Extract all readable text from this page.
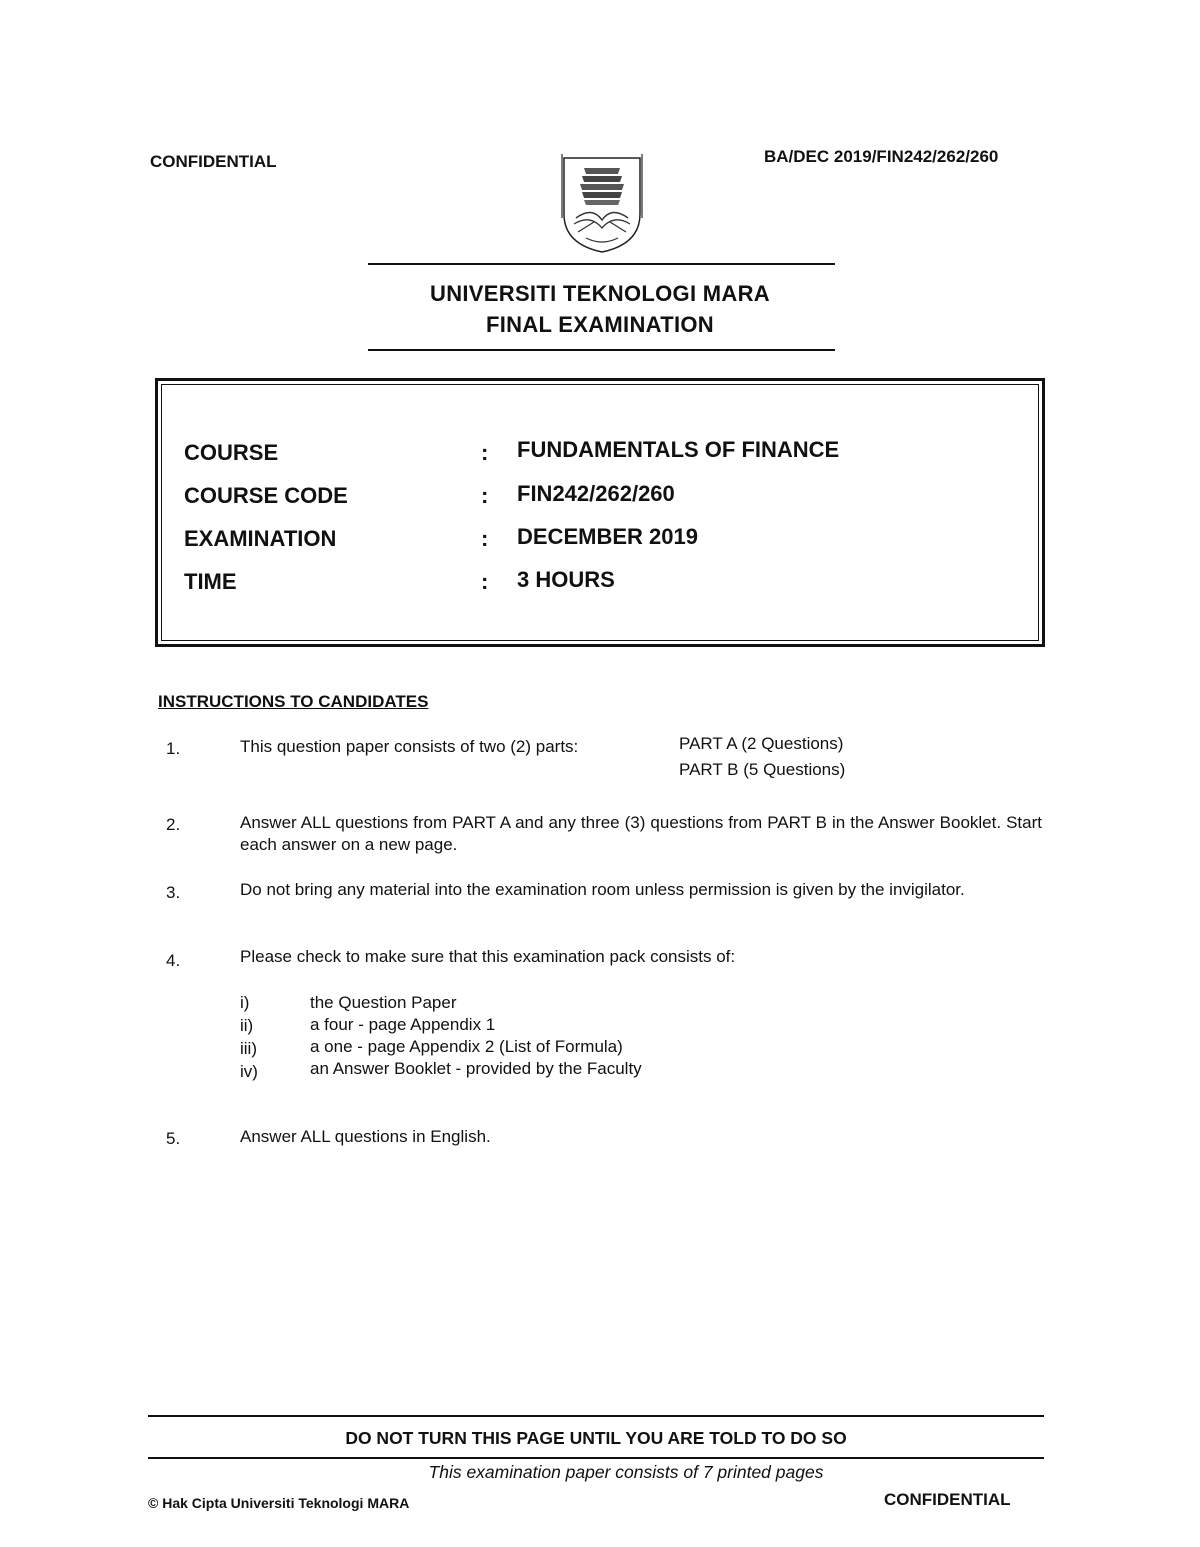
CONFIDENTIAL	BA/DEC 2019/FIN242/262/260
UNIVERSITI TEKNOLOGI MARA
FINAL EXAMINATION
COURSE	: FUNDAMENTALS OF FINANCE
COURSE CODE	: FIN242/262/260
EXAMINATION	: DECEMBER 2019
TIME	: 3 HOURS
INSTRUCTIONS TO CANDIDATES
1.	This question paper consists of two (2) parts:	PART A (2 Questions)
PART B (5 Questions)
2.	Answer ALL questions from PART A and any three (3) questions from PART B in the Answer Booklet. Start each answer on a new page.
3.	Do not bring any material into the examination room unless permission is given by the invigilator.
4.	Please check to make sure that this examination pack consists of:
i)	the Question Paper
ii)	a four - page Appendix 1
iii)	a one - page Appendix 2 (List of Formula)
iv)	an Answer Booklet - provided by the Faculty
5.	Answer ALL questions in English.
DO NOT TURN THIS PAGE UNTIL YOU ARE TOLD TO DO SO
This examination paper consists of 7 printed pages
© Hak Cipta Universiti Teknologi MARA	CONFIDENTIAL
